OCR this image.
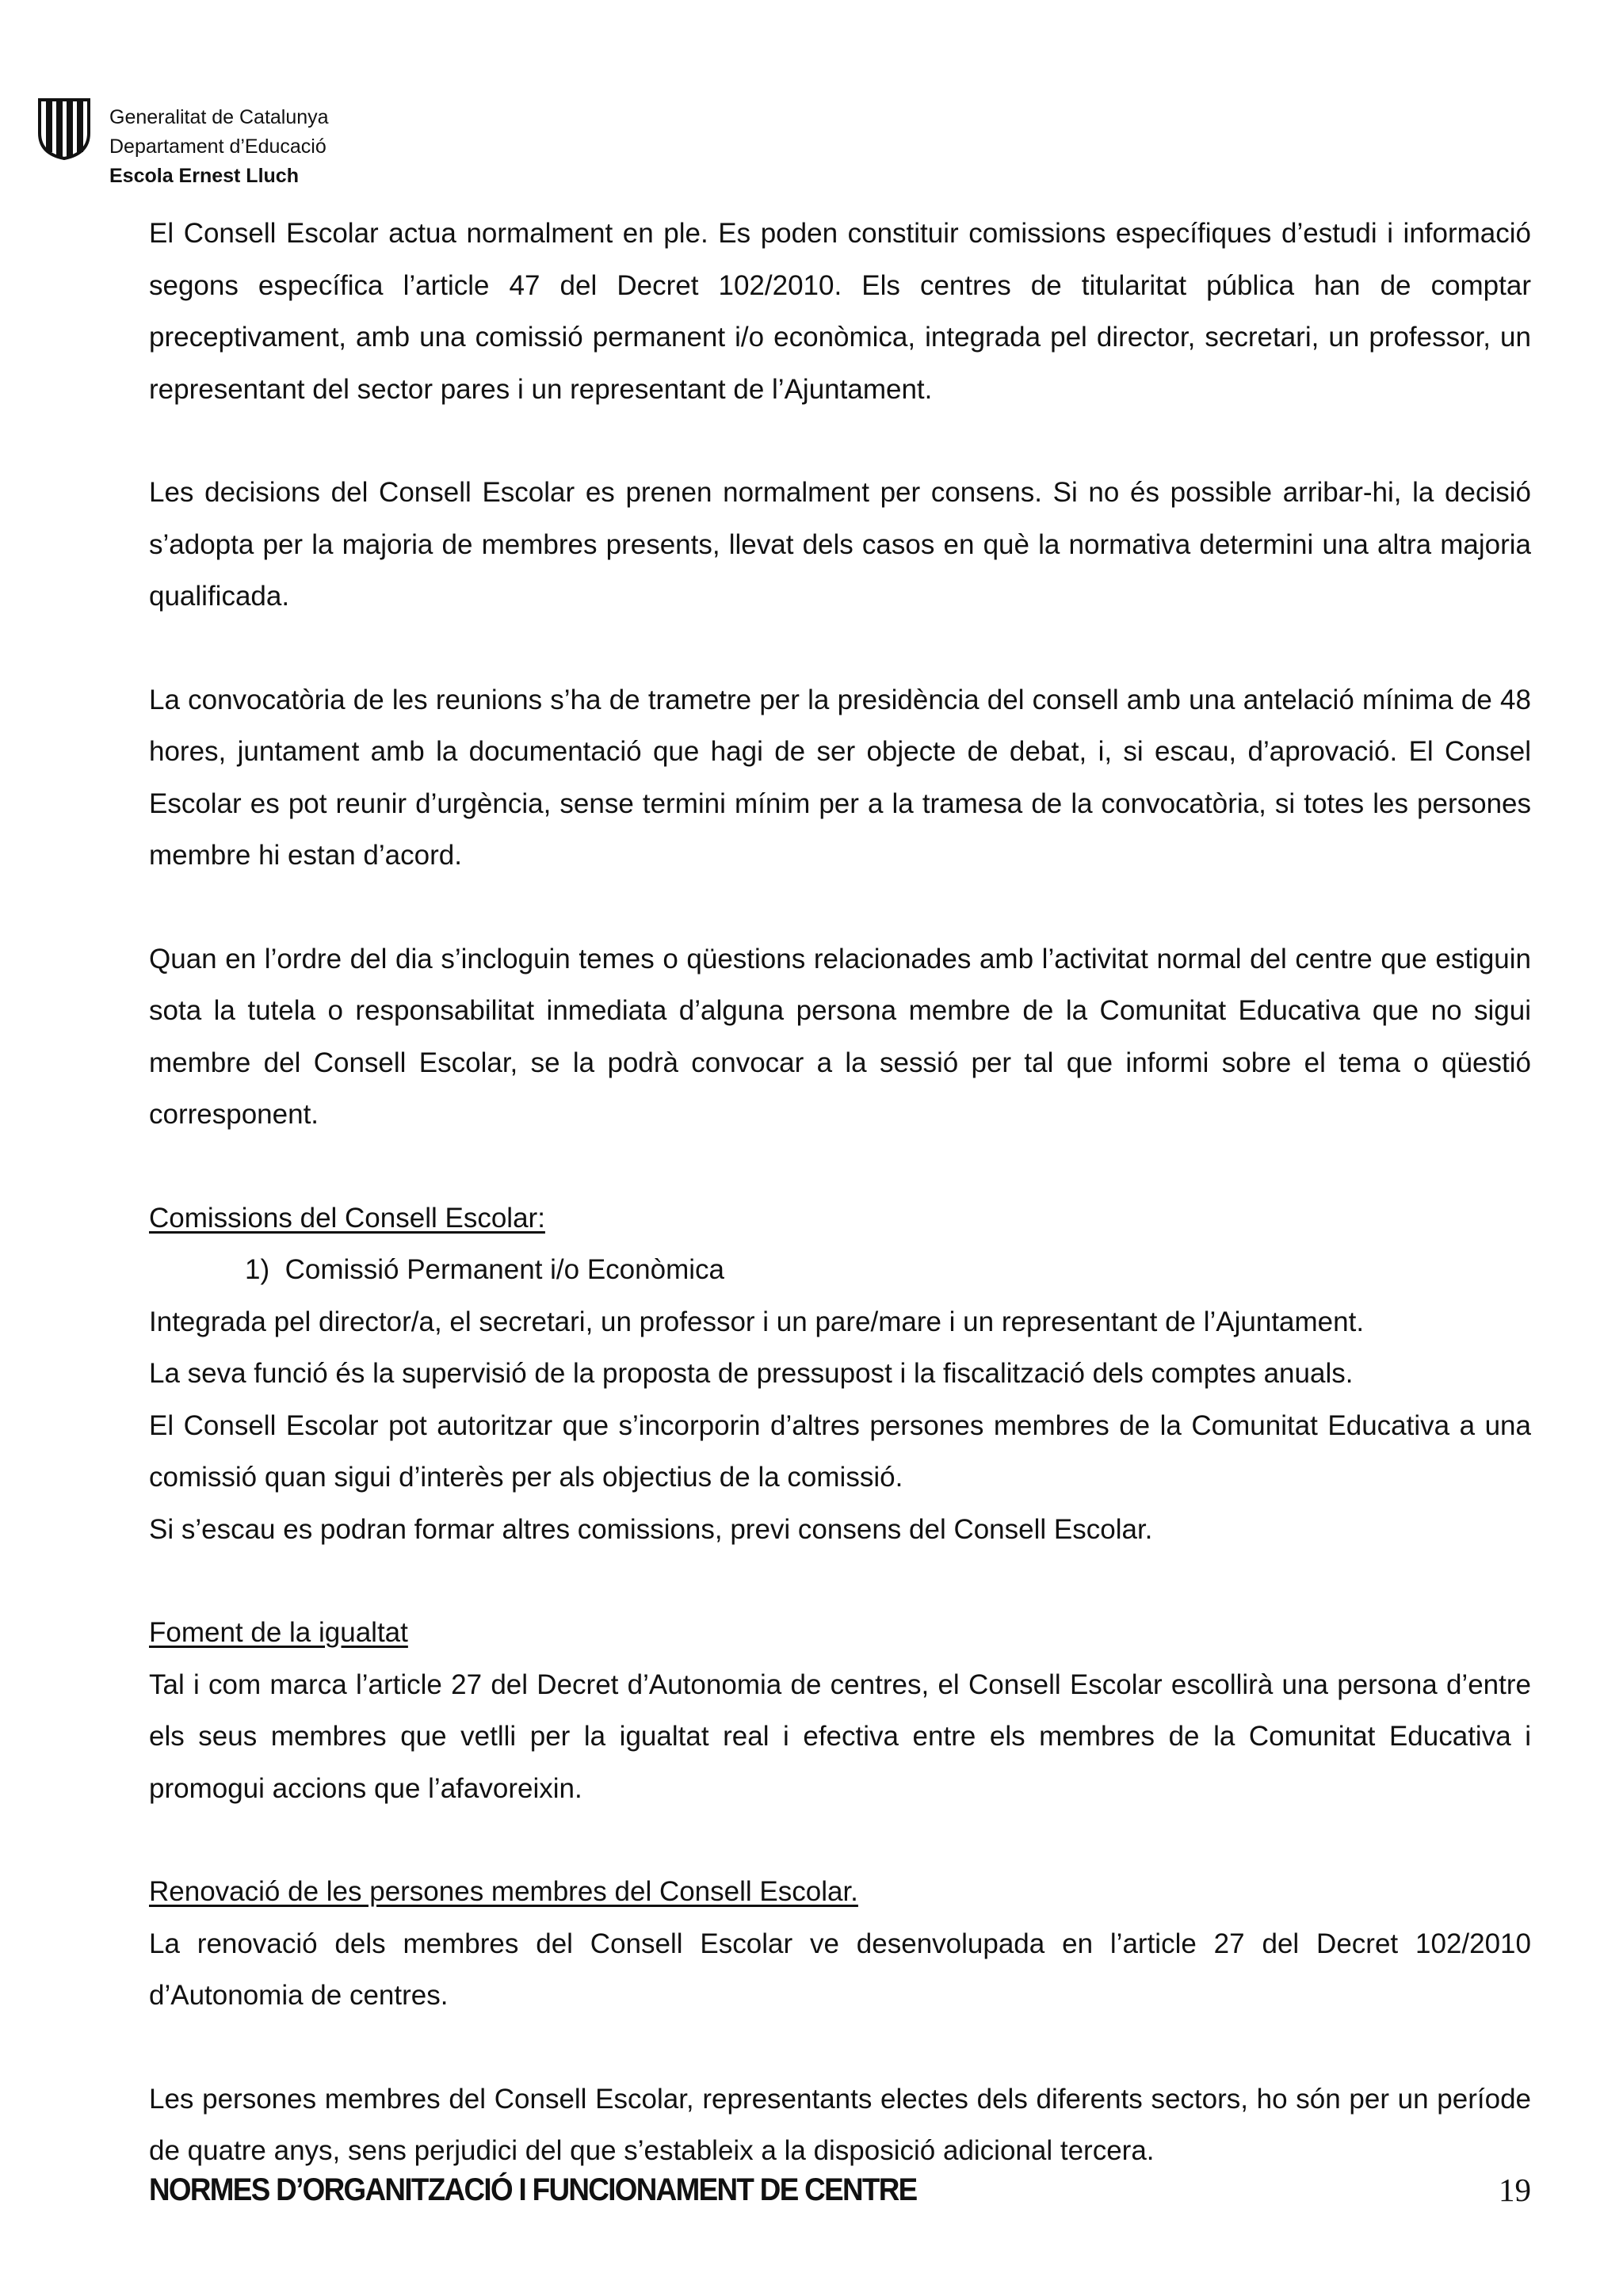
Generalitat de Catalunya
Departament d’Educació
Escola Ernest Lluch

El Consell Escolar actua normalment en ple. Es poden constituir comissions específiques d’estudi i informació segons específica l’article 47 del Decret 102/2010. Els centres de titularitat pública han de comptar preceptivament, amb una comissió permanent i/o econòmica, integrada pel director, secretari, un professor, un representant del sector pares i un representant de l’Ajuntament.

Les decisions del Consell Escolar es prenen normalment per consens. Si no és possible arribar-hi, la decisió s’adopta per la majoria de membres presents, llevat dels casos en què la normativa determini una altra majoria qualificada.

La convocatòria de les reunions s’ha de trametre per la presidència del consell amb una antelació mínima de 48 hores, juntament amb la documentació que hagi de ser objecte de debat, i, si escau, d’aprovació. El Consel Escolar es pot reunir d’urgència, sense termini mínim per a la tramesa de la convocatòria, si totes les persones membre hi estan d’acord.

Quan en l’ordre del dia s’incloguin temes o qüestions relacionades amb l’activitat normal del centre que estiguin sota la tutela o responsabilitat inmediata d’alguna persona membre de la Comunitat Educativa que no sigui membre del Consell Escolar, se la podrà convocar a la sessió per tal que informi sobre el tema o qüestió corresponent.

Comissions del Consell Escolar:
1) Comissió Permanent i/o Econòmica

Integrada pel director/a, el secretari, un professor i un pare/mare i un representant de l’Ajuntament.

La seva funció és la supervisió de la proposta de pressupost i la fiscalització dels comptes anuals.

El Consell Escolar pot autoritzar que s’incorporin d’altres persones membres de la Comunitat Educativa a una comissió quan sigui d’interès per als objectius de la comissió.

Si s’escau es podran formar altres comissions, previ consens del Consell Escolar.

Foment de la igualtat

Tal i com marca l’article 27 del Decret d’Autonomia de centres, el Consell Escolar escollirà una persona d’entre els seus membres que vetlli per la igualtat real i efectiva entre els membres de la Comunitat Educativa i promogui accions que l’afavoreixin.

Renovació de les persones membres del Consell Escolar.

La renovació dels membres del Consell Escolar ve desenvolupada en l’article 27 del Decret 102/2010 d’Autonomia de centres.

Les persones membres del Consell Escolar, representants electes dels diferents sectors, ho són per un període de quatre anys, sens perjudici del que s’estableix a la disposició adicional tercera.

NORMES D’ORGANITZACIÓ I FUNCIONAMENT DE CENTRE	19
